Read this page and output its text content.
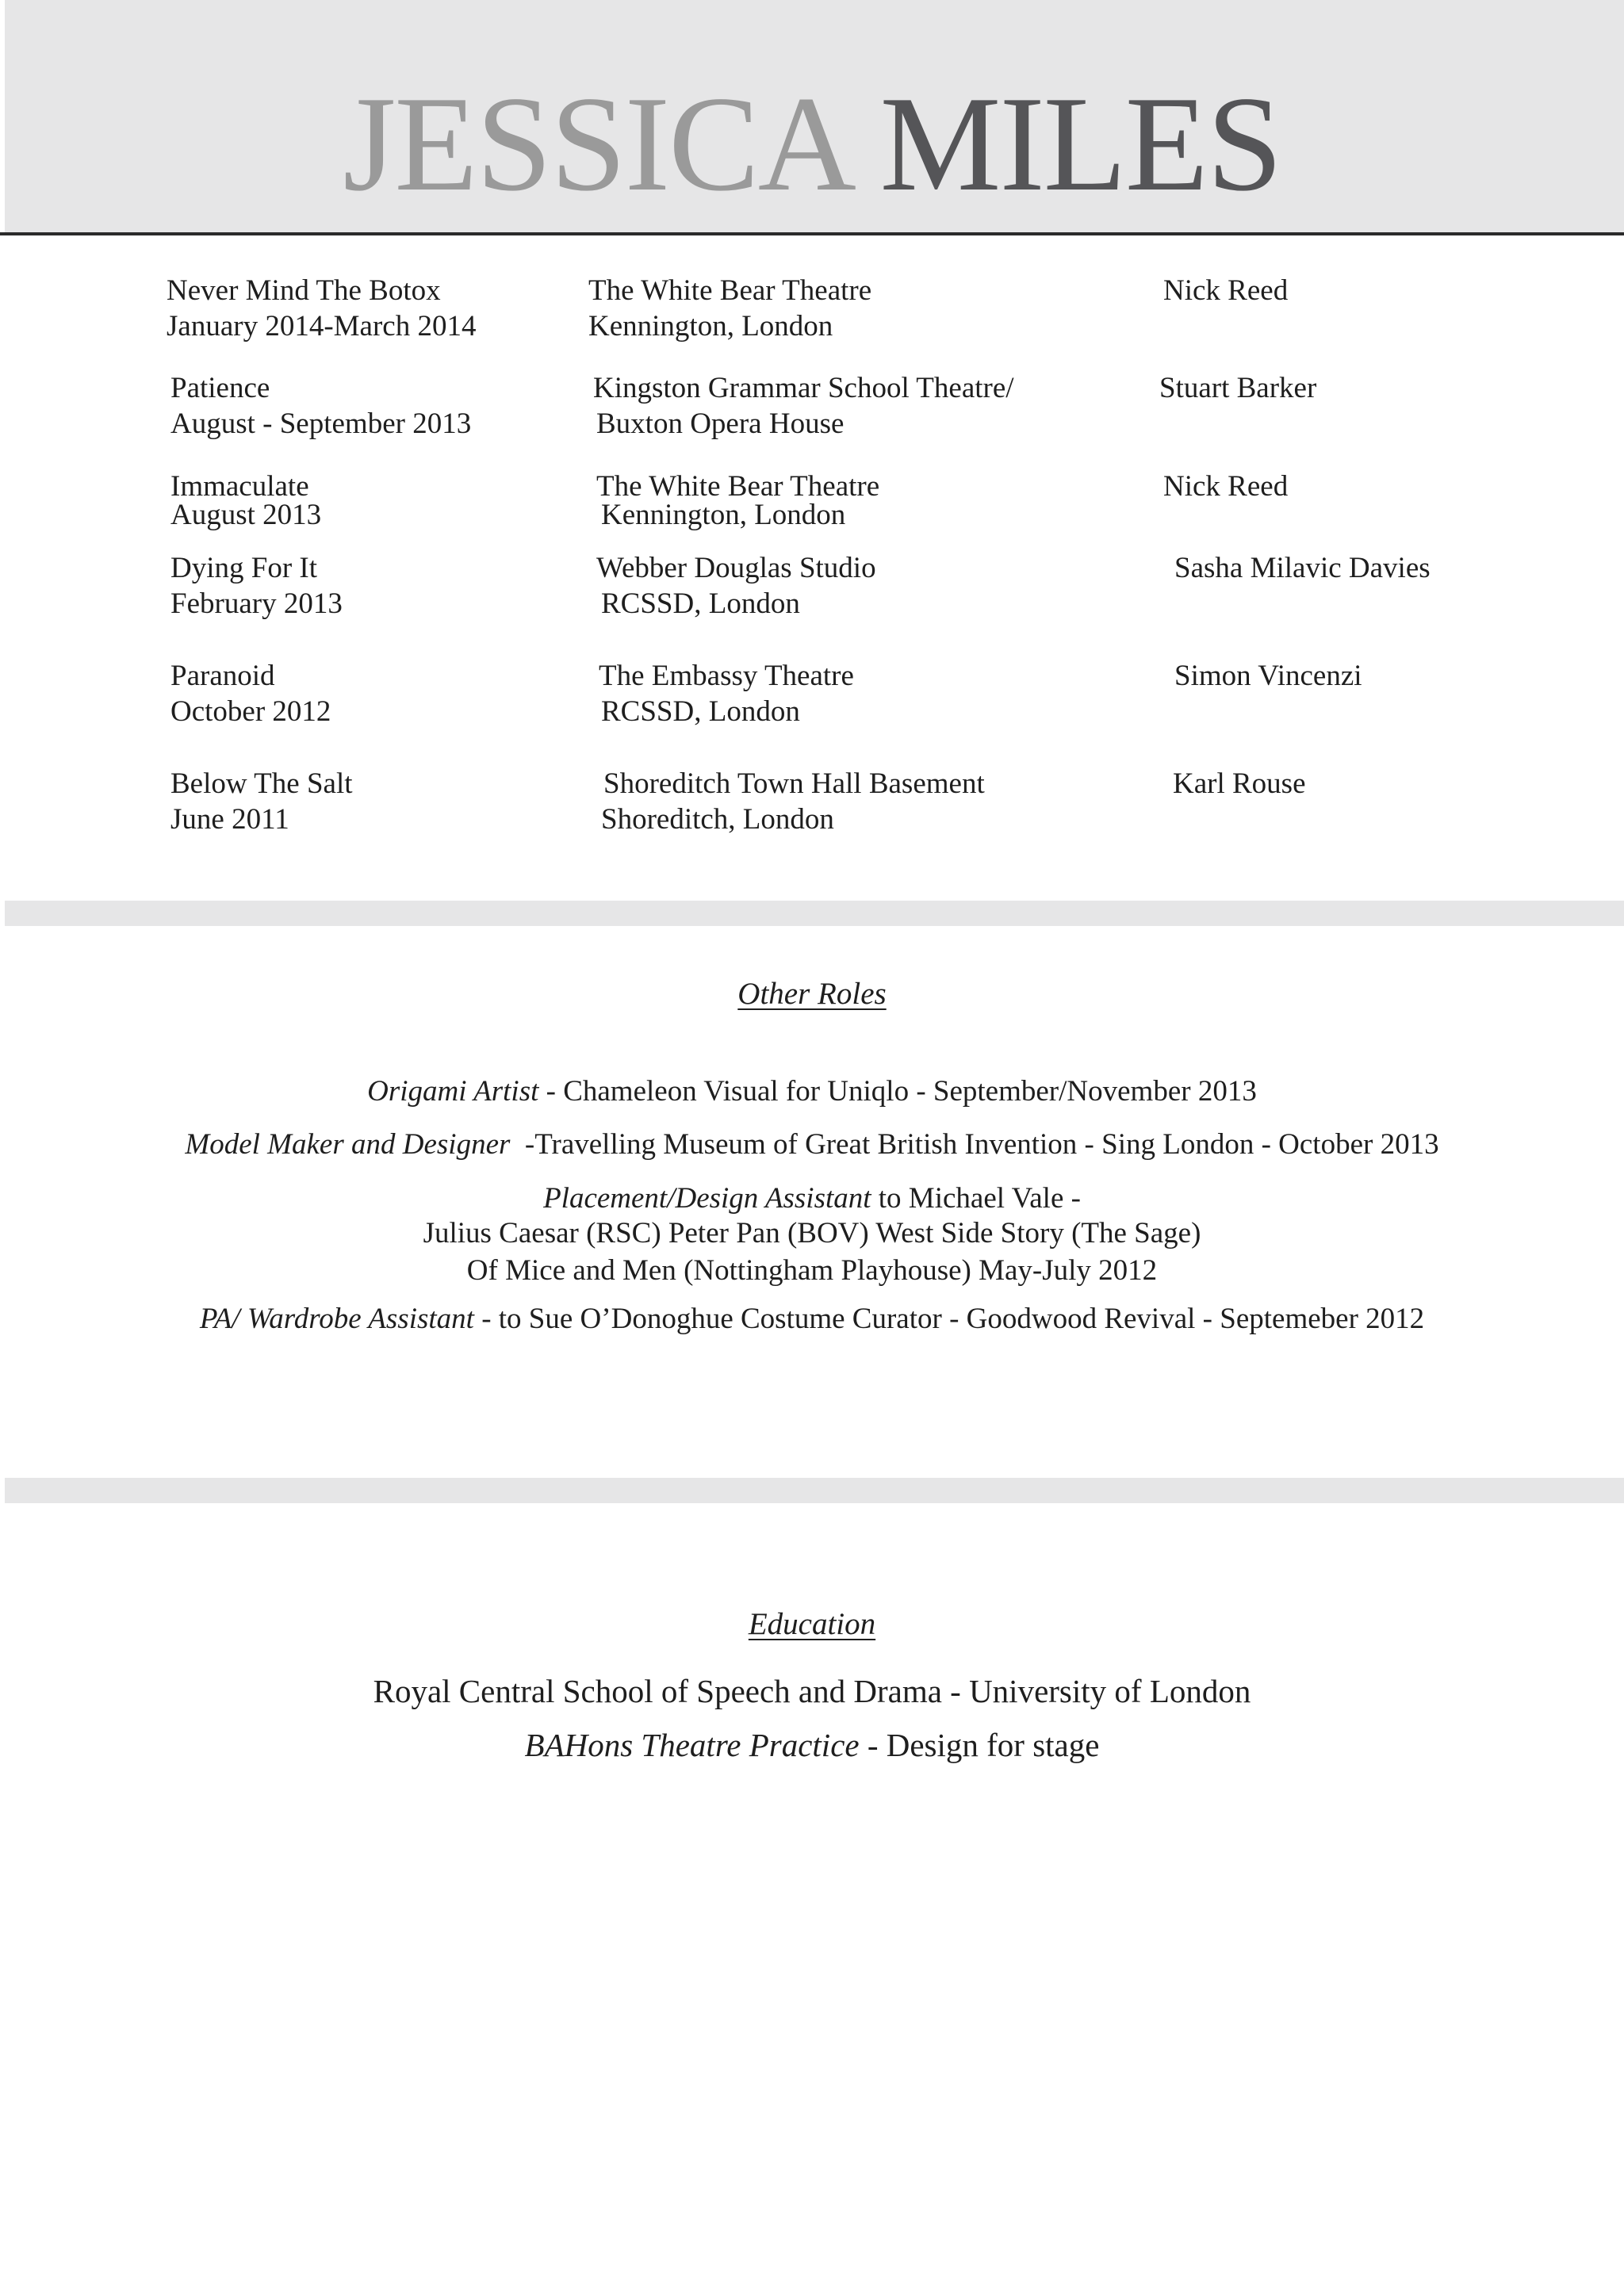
JESSICA MILES
Never Mind The Botox
January 2014-March 2014
The White Bear Theatre
Kennington, London
Nick Reed
Patience
August - September 2013
Kingston Grammar School Theatre/
Buxton Opera House
Stuart Barker
Immaculate
August 2013
The White Bear Theatre
Kennington, London
Nick Reed
Dying For It
February 2013
Webber Douglas Studio
RCSSD, London
Sasha Milavic Davies
Paranoid
October 2012
The Embassy Theatre
RCSSD, London
Simon Vincenzi
Below The Salt
June 2011
Shoreditch Town Hall Basement
Shoreditch, London
Karl Rouse
Other Roles
Origami Artist - Chameleon Visual for Uniqlo - September/November 2013
Model Maker and Designer  -Travelling Museum of Great British Invention - Sing London - October 2013
Placement/Design Assistant to Michael Vale -
Julius Caesar (RSC) Peter Pan (BOV) West Side Story (The Sage)
Of Mice and Men (Nottingham Playhouse) May-July 2012
PA/ Wardrobe Assistant - to Sue O’Donoghue Costume Curator - Goodwood Revival - Septemeber 2012
Education
Royal Central School of Speech and Drama - University of London
BAHons Theatre Practice - Design for stage
